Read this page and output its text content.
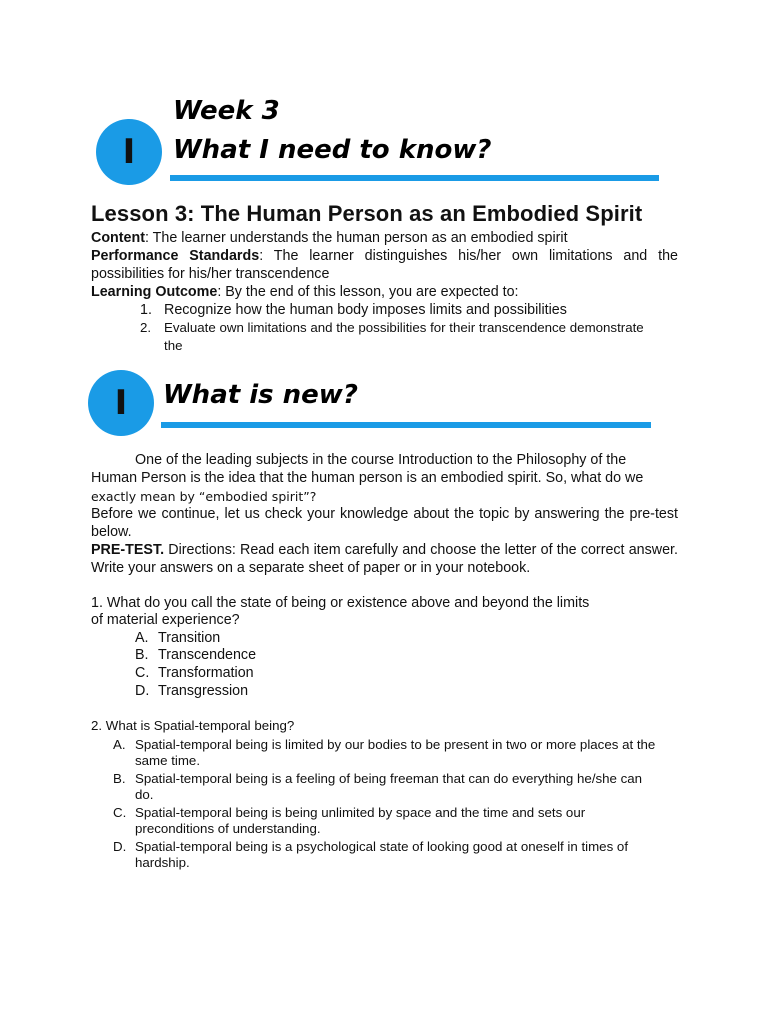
I
Week 3
What I need to know?
Lesson 3: The Human Person as an Embodied Spirit
Content: The learner understands the human person as an embodied spirit
Performance Standards: The learner distinguishes his/her own limitations and the possibilities for his/her transcendence
Learning Outcome: By the end of this lesson, you are expected to:
1. Recognize how the human body imposes limits and possibilities
2. Evaluate own limitations and the possibilities for their transcendence demonstrate
the
I What is new?
One of the leading subjects in the course Introduction to the Philosophy of the
Human Person is the idea that the human person is an embodied spirit. So, what do we
exactly mean by “embodied spirit”?
Before we continue, let us check your knowledge about the topic by answering the pre-test below.
PRE-TEST. Directions: Read each item carefully and choose the letter of the correct answer. Write your answers on a separate sheet of paper or in your notebook.
1. What do you call the state of being or existence above and beyond the limits
of material experience?
A. Transition
B. Transcendence
C. Transformation
D. Transgression
2. What is Spatial-temporal being?
A. Spatial-temporal being is limited by our bodies to be present in two or more places at the
same time.
B. Spatial-temporal being is a feeling of being freeman that can do everything he/she can
do.
C. Spatial-temporal being is being unlimited by space and the time and sets our
preconditions of understanding.
D. Spatial-temporal being is a psychological state of looking good at oneself in times of
hardship.
